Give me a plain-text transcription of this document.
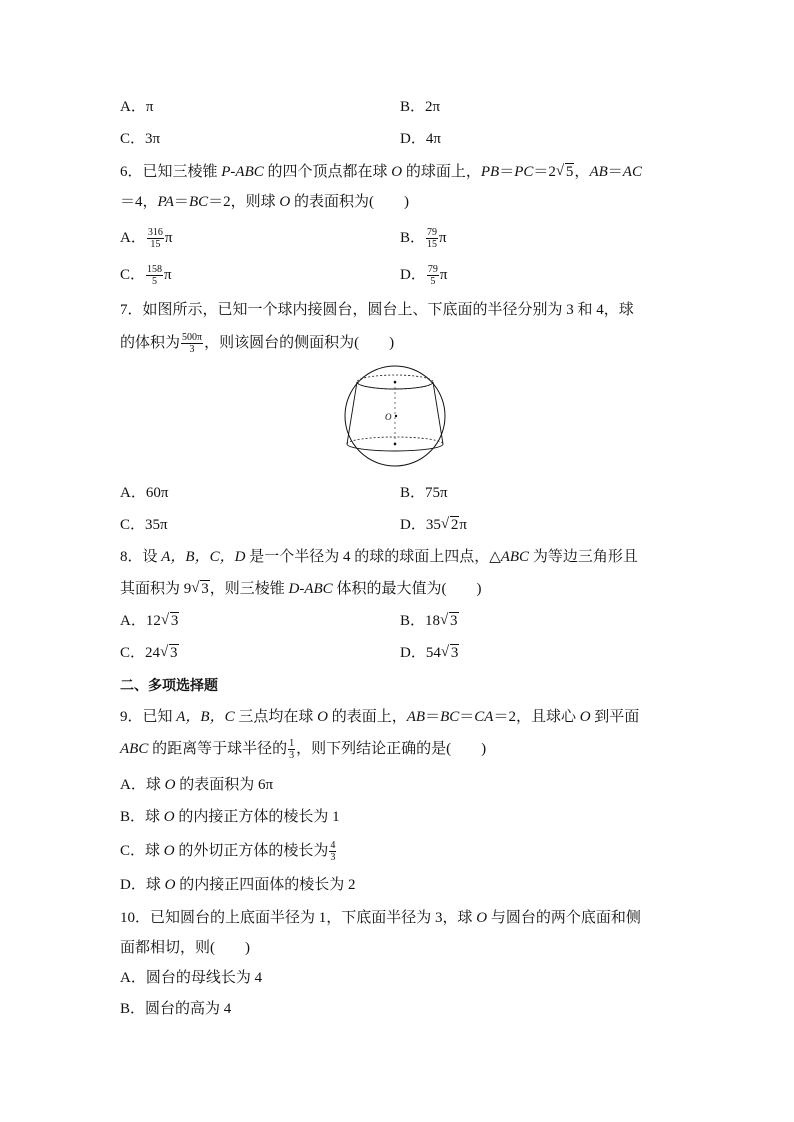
A．π	B．2π
C．3π	D．4π
6．已知三棱锥 P-ABC 的四个顶点都在球 O 的球面上，PB＝PC＝2 √ 5，AB＝AC
＝4，PA＝BC＝2，则球 O 的表面积为(　　)
A． $\frac{316}{15}$ π	B． $\frac{79}{15}$ π
C． $\frac{158}{5}$ π	D． $\frac{79}{5}$ π
7．如图所示，已知一个球内接圆台，圆台上、下底面的半径分别为 3 和 4，球
的体积为 $\frac{500\pi}{3}$ ，则该圆台的侧面积为(　　)
O
A．60π	B．75π
C．35π	D．35 √ 2π
8．设 A，B，C，D 是一个半径为 4 的球的球面上四点，△ABC 为等边三角形且
其面积为 9 √ 3，则三棱锥 D-ABC 体积的最大值为(　　)
A．12 √ 3	B．18 √ 3
C．24 √ 3	D．54 √ 3
二、多项选择题
9．已知 A，B，C 三点均在球 O 的表面上，AB＝BC＝CA＝2，且球心 O 到平面
ABC 的距离等于球半径的 $\frac{1}{3}$ ，则下列结论正确的是(　　)
A．球 O 的表面积为 6π
B．球 O 的内接正方体的棱长为 1
C．球 O 的外切正方体的棱长为 $\frac{4}{3}$
D．球 O 的内接正四面体的棱长为 2
10．已知圆台的上底面半径为 1，下底面半径为 3，球 O 与圆台的两个底面和侧
面都相切，则(　　)
A．圆台的母线长为 4
B．圆台的高为 4
